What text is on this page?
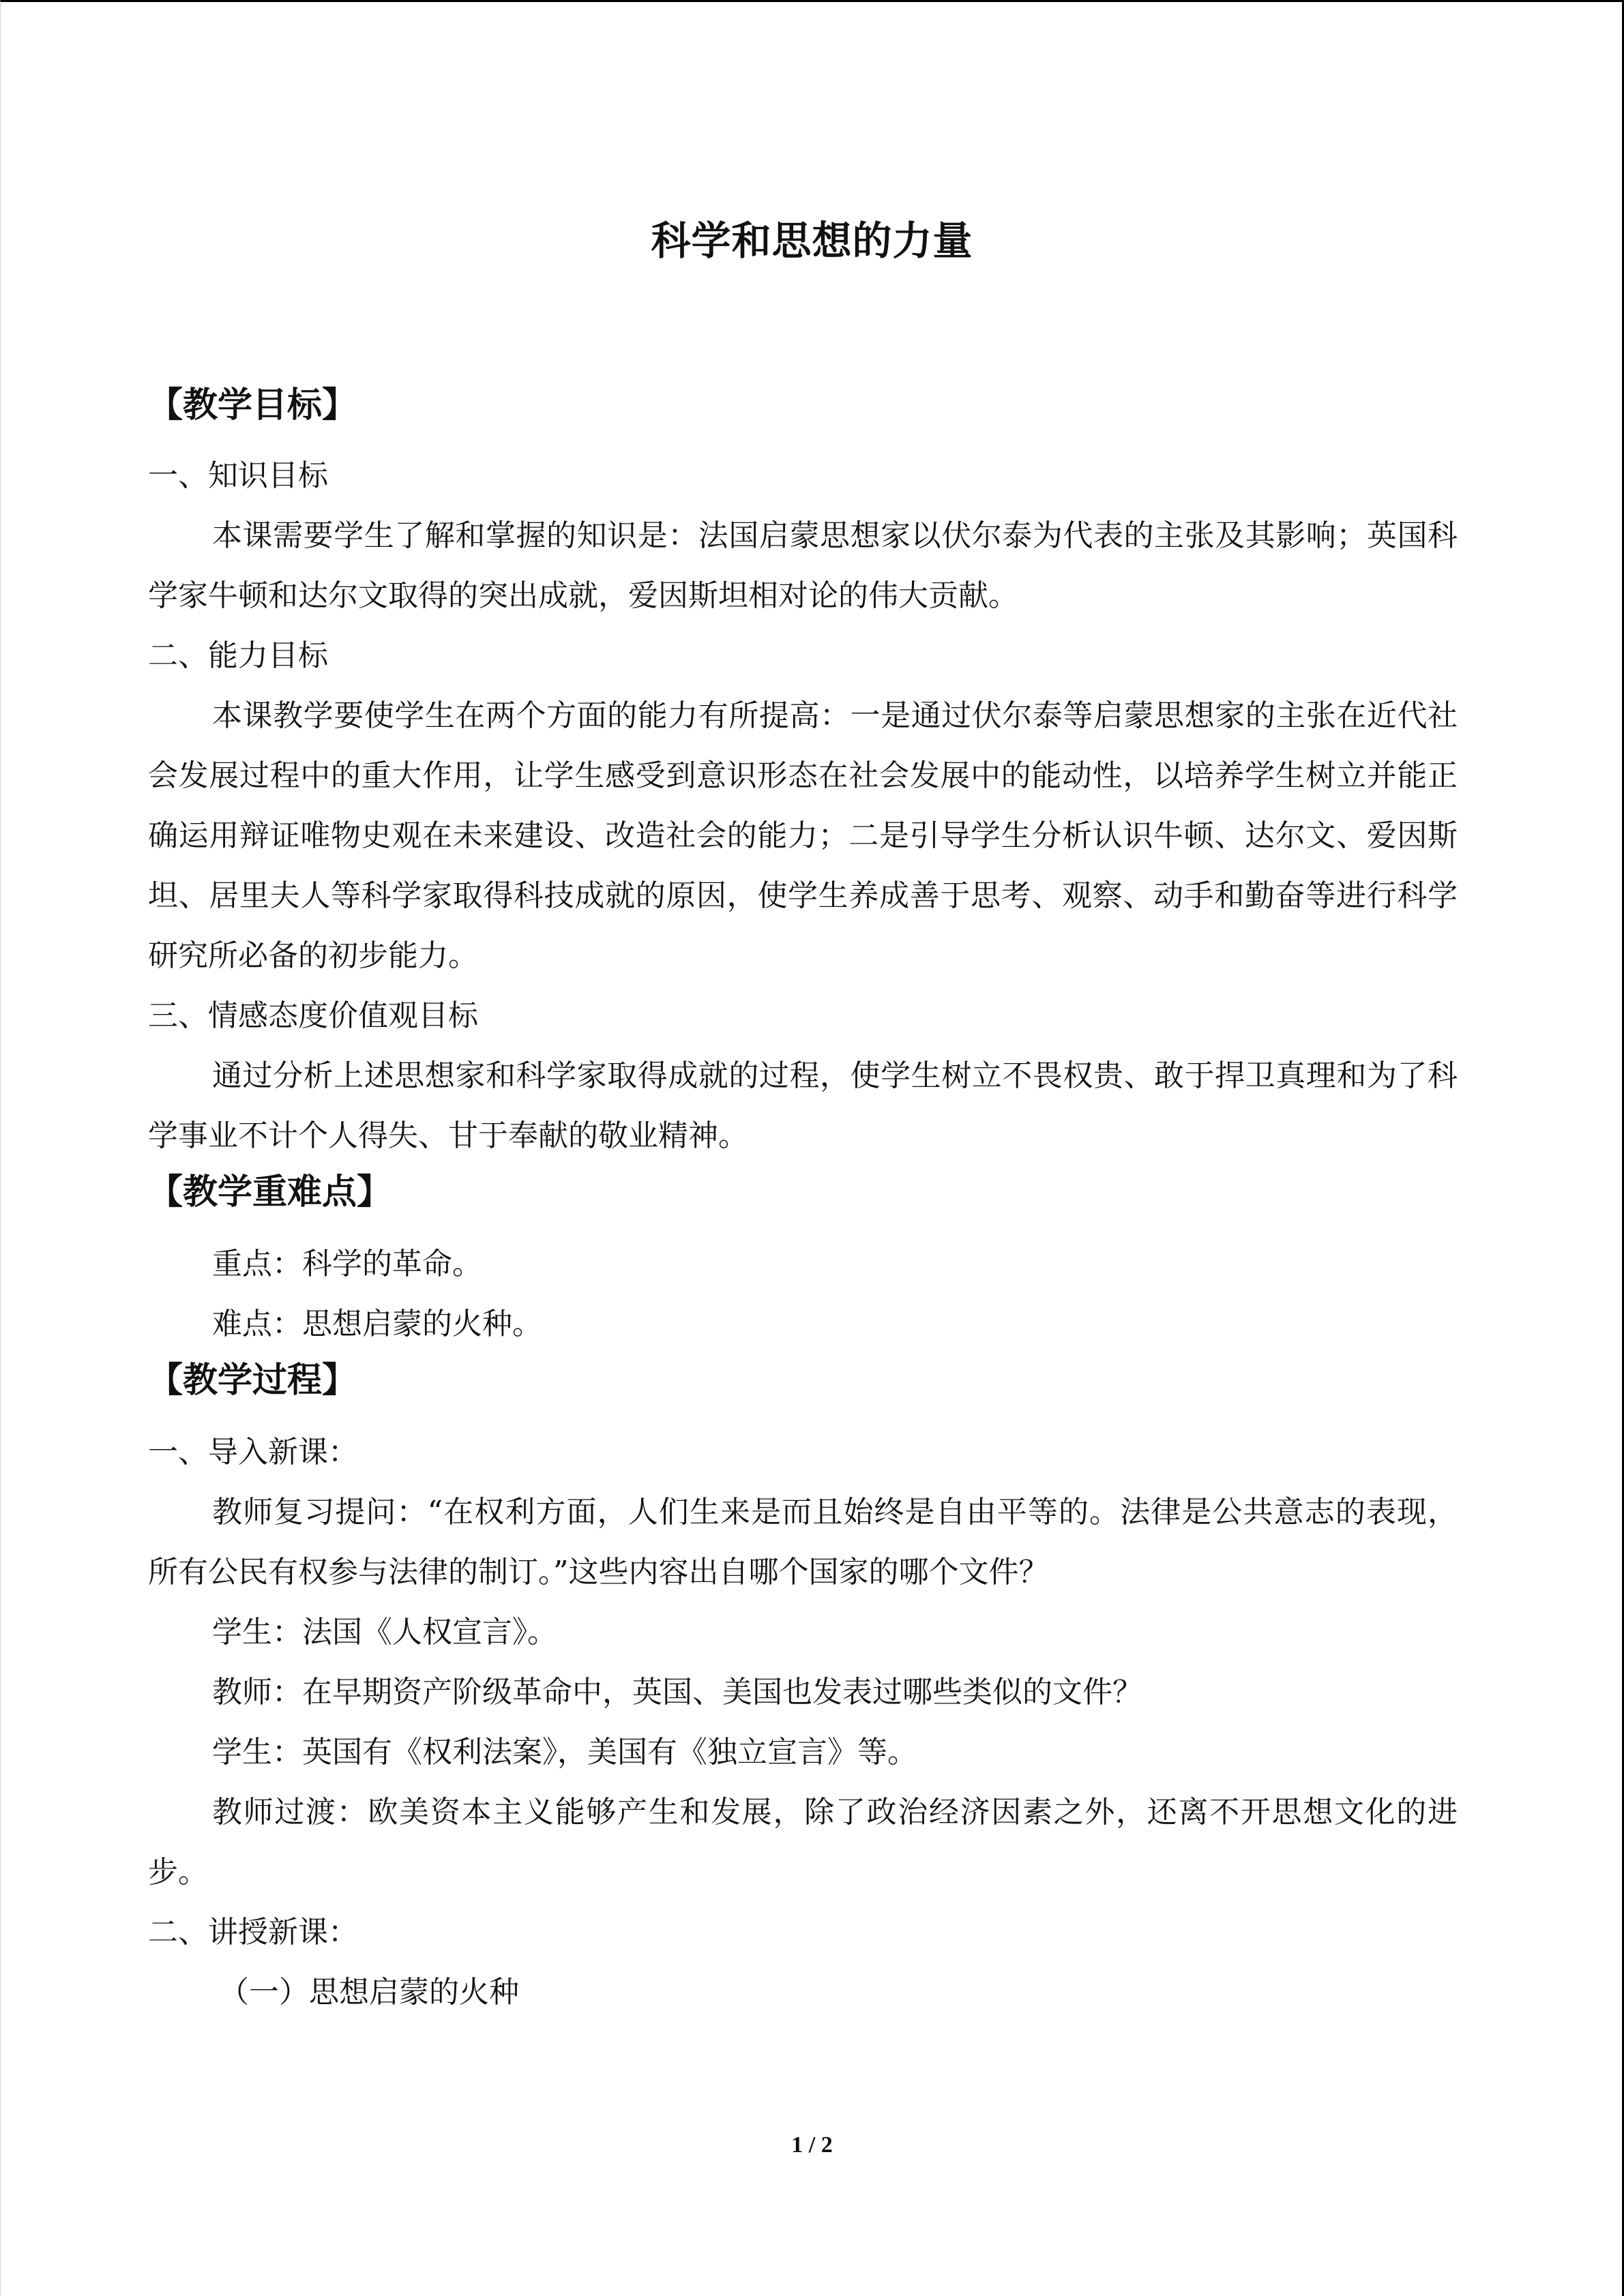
科学和思想的力量
【教学目标】

一、知识目标

本课需要学生了解和掌握的知识是：法国启蒙思想家以伏尔泰为代表的主张及其影响；英国科学家牛顿和达尔文取得的突出成就，爱因斯坦相对论的伟大贡献。

二、能力目标

本课教学要使学生在两个方面的能力有所提高：一是通过伏尔泰等启蒙思想家的主张在近代社会发展过程中的重大作用，让学生感受到意识形态在社会发展中的能动性，以培养学生树立并能正确运用辩证唯物史观在未来建设、改造社会的能力；二是引导学生分析认识牛顿、达尔文、爱因斯坦、居里夫人等科学家取得科技成就的原因，使学生养成善于思考、观察、动手和勤奋等进行科学研究所必备的初步能力。

三、情感态度价值观目标

通过分析上述思想家和科学家取得成就的过程，使学生树立不畏权贵、敢于捍卫真理和为了科学事业不计个人得失、甘于奉献的敬业精神。

【教学重难点】

重点：科学的革命。

难点：思想启蒙的火种。

【教学过程】

一、导入新课：

教师复习提问：“在权利方面，人们生来是而且始终是自由平等的。法律是公共意志的表现，所有公民有权参与法律的制订。”这些内容出自哪个国家的哪个文件？

学生：法国《人权宣言》。

教师：在早期资产阶级革命中，英国、美国也发表过哪些类似的文件？

学生：英国有《权利法案》，美国有《独立宣言》等。

教师过渡：欧美资本主义能够产生和发展，除了政治经济因素之外，还离不开思想文化的进步。

二、讲授新课：

（一）思想启蒙的火种

1 / 2
